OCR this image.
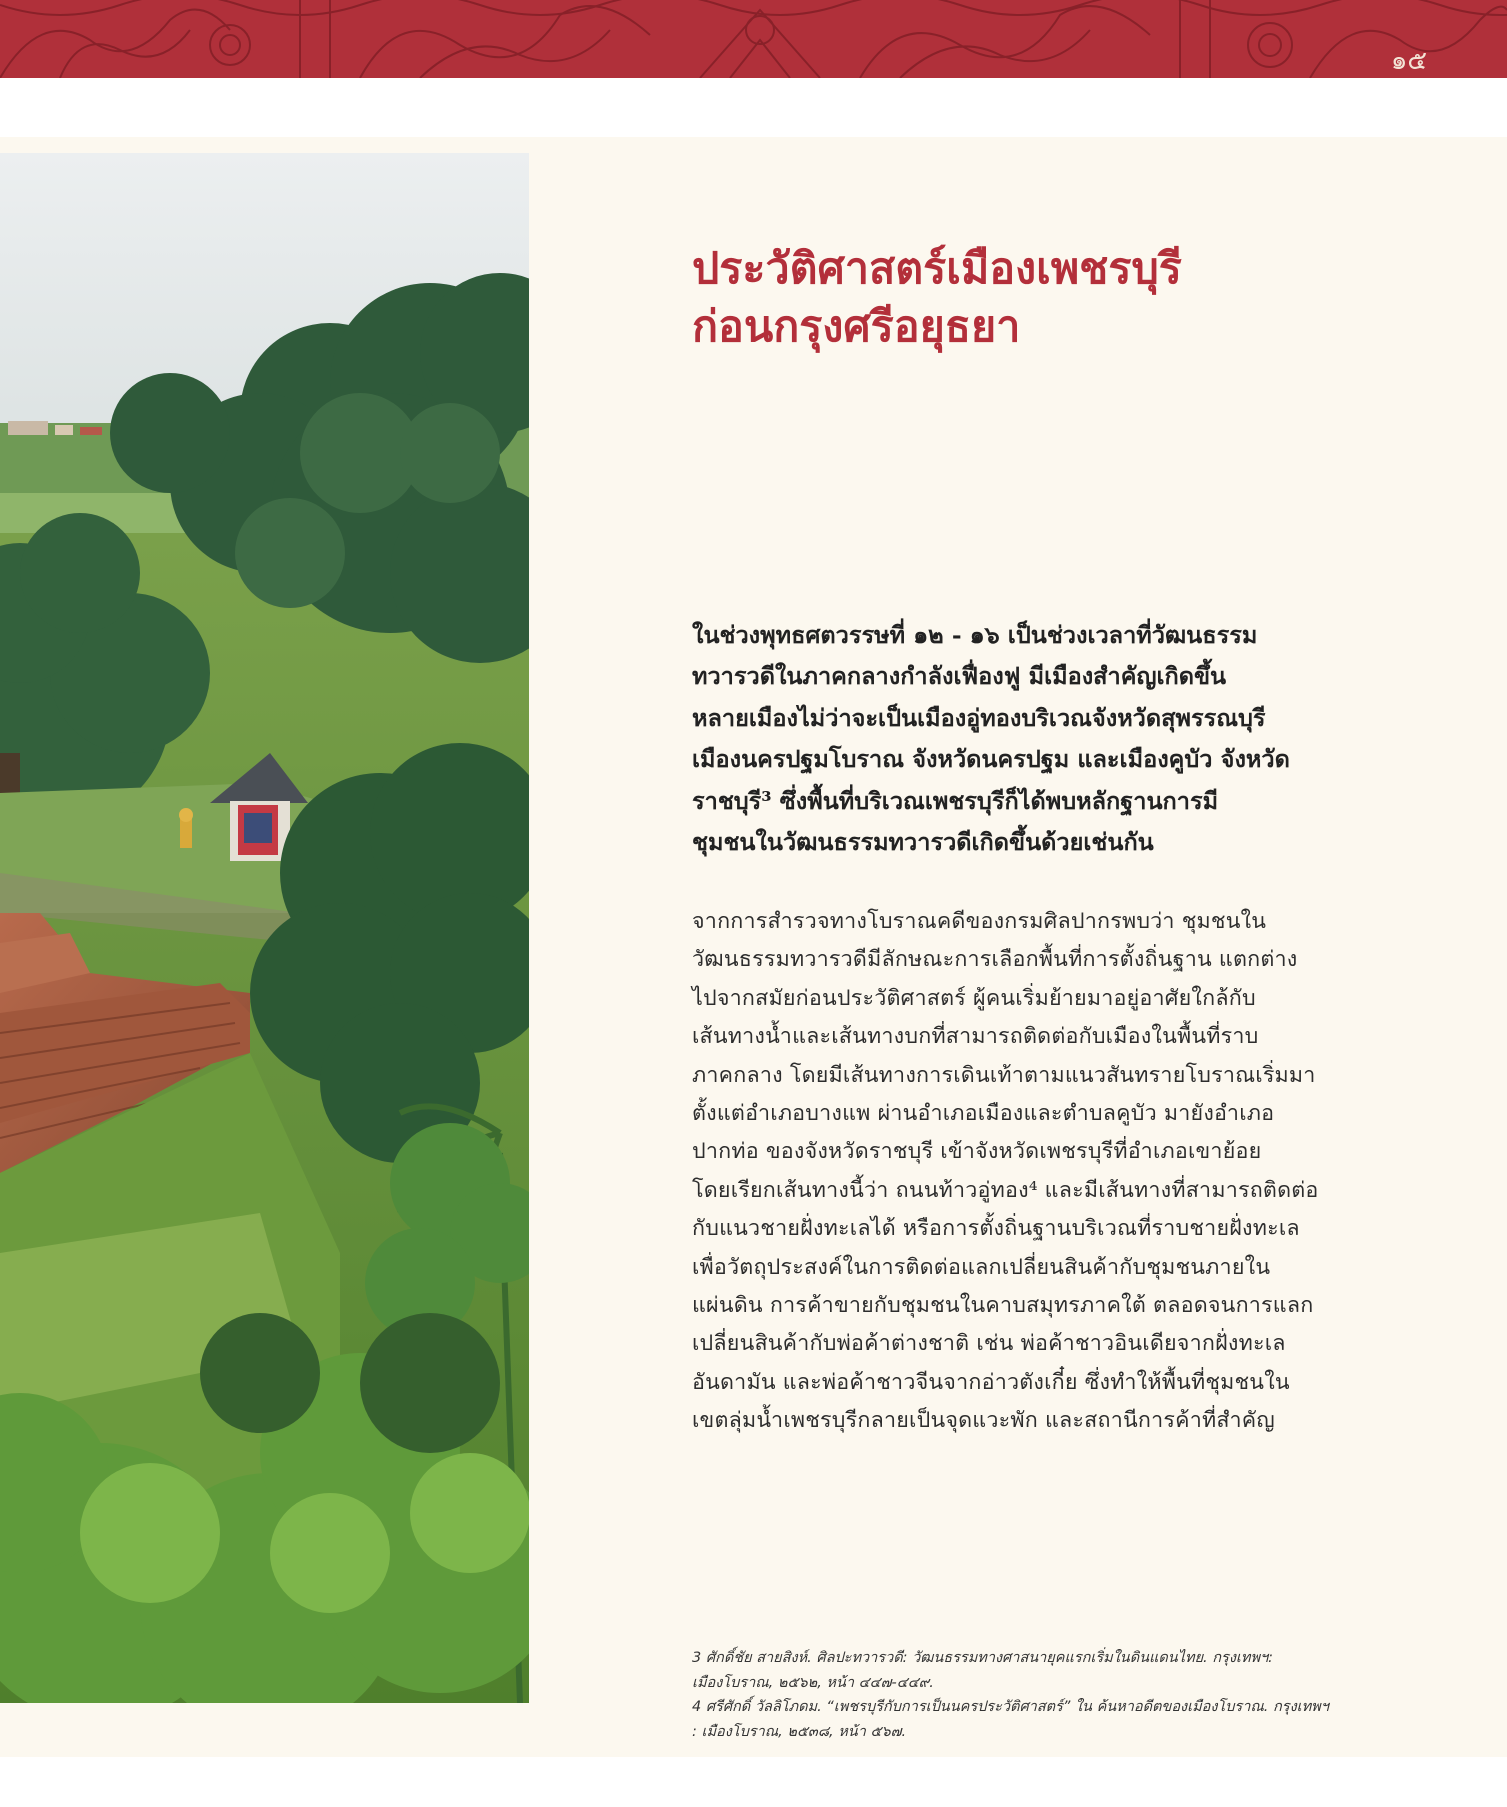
๑๕
ประวัติศาสตร์เมืองเพชรบุรี
ก่อนกรุงศรีอยุธยา

ในช่วงพุทธศตวรรษที่ ๑๒ - ๑๖ เป็นช่วงเวลาที่วัฒนธรรม
ทวารวดีในภาคกลางกำลังเฟื่องฟู มีเมืองสำคัญเกิดขึ้น
หลายเมืองไม่ว่าจะเป็นเมืองอู่ทองบริเวณจังหวัดสุพรรณบุรี
เมืองนครปฐมโบราณ จังหวัดนครปฐม และเมืองคูบัว จังหวัด
ราชบุรี³ ซึ่งพื้นที่บริเวณเพชรบุรีก็ได้พบหลักฐานการมี
ชุมชนในวัฒนธรรมทวารวดีเกิดขึ้นด้วยเช่นกัน

จากการสำรวจทางโบราณคดีของกรมศิลปากรพบว่า ชุมชนใน
วัฒนธรรมทวารวดีมีลักษณะการเลือกพื้นที่การตั้งถิ่นฐาน แตกต่าง
ไปจากสมัยก่อนประวัติศาสตร์ ผู้คนเริ่มย้ายมาอยู่อาศัยใกล้กับ
เส้นทางน้ำและเส้นทางบกที่สามารถติดต่อกับเมืองในพื้นที่ราบ
ภาคกลาง โดยมีเส้นทางการเดินเท้าตามแนวสันทรายโบราณเริ่มมา
ตั้งแต่อำเภอบางแพ ผ่านอำเภอเมืองและตำบลคูบัว มายังอำเภอ
ปากท่อ ของจังหวัดราชบุรี เข้าจังหวัดเพชรบุรีที่อำเภอเขาย้อย
โดยเรียกเส้นทางนี้ว่า ถนนท้าวอู่ทอง⁴ และมีเส้นทางที่สามารถติดต่อ
กับแนวชายฝั่งทะเลได้ หรือการตั้งถิ่นฐานบริเวณที่ราบชายฝั่งทะเล
เพื่อวัตถุประสงค์ในการติดต่อแลกเปลี่ยนสินค้ากับชุมชนภายใน
แผ่นดิน การค้าขายกับชุมชนในคาบสมุทรภาคใต้ ตลอดจนการแลก
เปลี่ยนสินค้ากับพ่อค้าต่างชาติ เช่น พ่อค้าชาวอินเดียจากฝั่งทะเล
อันดามัน และพ่อค้าชาวจีนจากอ่าวตังเกี๋ย ซึ่งทำให้พื้นที่ชุมชนใน
เขตลุ่มน้ำเพชรบุรีกลายเป็นจุดแวะพัก และสถานีการค้าที่สำคัญ

3 ศักดิ์ชัย สายสิงห์. ศิลปะทวารวดี: วัฒนธรรมทางศาสนายุคแรกเริ่มในดินแดนไทย. กรุงเทพฯ:
เมืองโบราณ, ๒๕๖๒, หน้า ๔๔๗-๔๔๙.
4 ศรีศักดิ์ วัลลิโภดม. “เพชรบุรีกับการเป็นนครประวัติศาสตร์” ใน ค้นหาอดีตของเมืองโบราณ. กรุงเทพฯ
: เมืองโบราณ, ๒๕๓๘, หน้า ๕๖๗.
